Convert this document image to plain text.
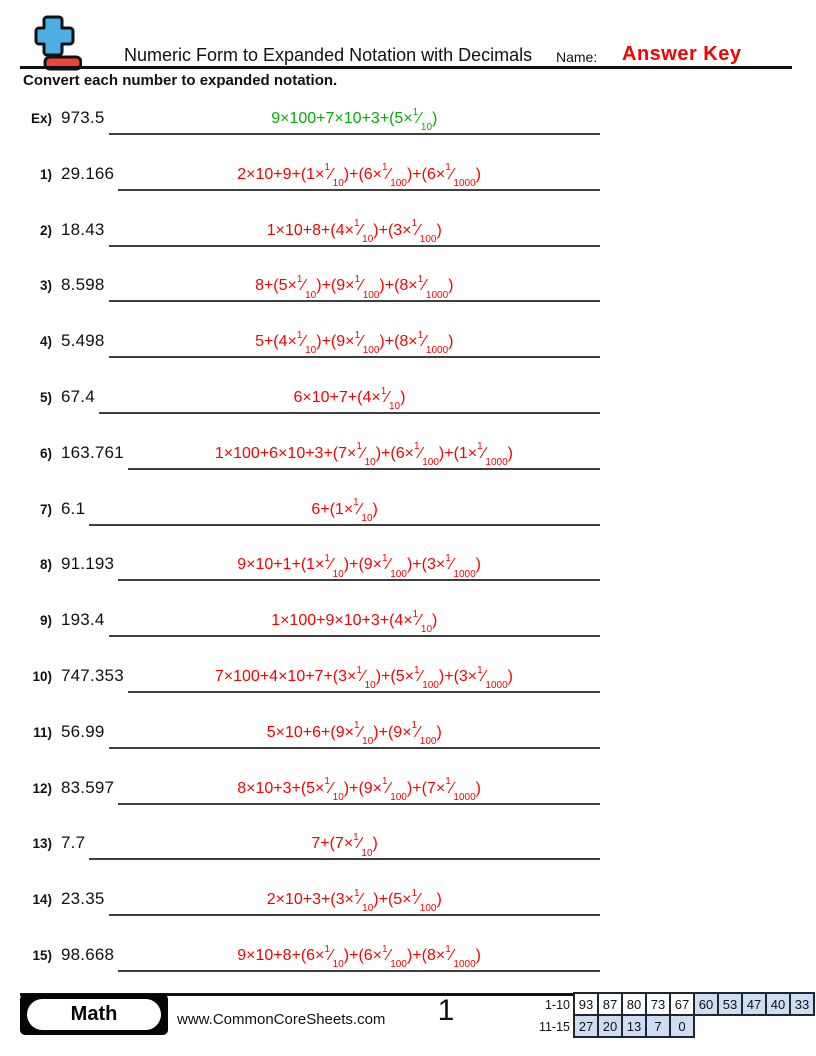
Numeric Form to Expanded Notation with Decimals Name: Answer Key
Convert each number to expanded notation.
Ex) 973.5	$9\times 100+7\times 10+3+(5\times^1⁄_{10})$
1) 29.166	$2\times 10+9+(1\times^1⁄_{10})+(6\times^1⁄_{100})+(6\times^1⁄_{1000})$
2) 18.43	$1\times 10+8+(4\times^1⁄_{10})+(3\times^1⁄_{100})$
3) 8.598	$8+(5\times^1⁄_{10})+(9\times^1⁄_{100})+(8\times^1⁄_{1000})$
4) 5.498	$5+(4\times^1⁄_{10})+(9\times^1⁄_{100})+(8\times^1⁄_{1000})$
5) 67.4	$6\times 10+7+(4\times^1⁄_{10})$
6) 163.761	$1\times 100+6\times 10+3+(7\times^1⁄_{10})+(6\times^1⁄_{100})+(1\times^1⁄_{1000})$
7) 6.1	$6+(1\times^1⁄_{10})$
8) 91.193	$9\times 10+1+(1\times^1⁄_{10})+(9\times^1⁄_{100})+(3\times^1⁄_{1000})$
9) 193.4	$1\times 100+9\times 10+3+(4\times^1⁄_{10})$
10) 747.353	$7\times 100+4\times 10+7+(3\times^1⁄_{10})+(5\times^1⁄_{100})+(3\times^1⁄_{1000})$
11) 56.99	$5\times 10+6+(9\times^1⁄_{10})+(9\times^1⁄_{100})$
12) 83.597	$8\times 10+3+(5\times^1⁄_{10})+(9\times^1⁄_{100})+(7\times^1⁄_{1000})$
13) 7.7	$7+(7\times^1⁄_{10})$
14) 23.35	$2\times 10+3+(3\times^1⁄_{10})+(5\times^1⁄_{100})$
15) 98.668	$9\times 10+8+(6\times^1⁄_{10})+(6\times^1⁄_{100})+(8\times^1⁄_{1000})$
Math	www.CommonCoreSheets.com	1	1-10 93 87 80 73 67 60 53 47 40 33
11-15 27 20 13	7	0
